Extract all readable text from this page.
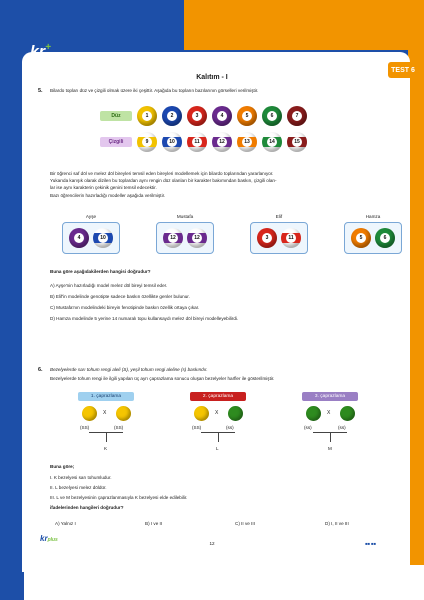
kr+
TEST 6
Kalıtım - I
5. Bilardo topları düz ve çizgili olmak üzere iki çeşittir. Aşağıda bu topların bazılarının görselleri verilmiştir.
Düz
Çizgili
1	2	3	4	5	6	7
9	10	11	12	13	14	15
Bir öğrenci saf döl ve melez döl bireyleri temsil eden bireyleri modellemek için bilardo toplarından yararlanıyor.
Yukarıda karışık olarak dizilen bu toplardan aynı rengin düz olanları bir karakter bakımından baskın, çizgili olan-
lar ise aynı karakterin çekinik genini temsil edecektir.
Bazı öğrencilerin hazırladığı modeller aşağıda verilmiştir.
Ayşe
4	10
Mustafa
12	12
Elif
3	11
Hamza
5	6
Buna göre aşağıdakilerden hangisi doğrudur?
A) Ayşe'nin hazırladığı model melez döl bireyi temsil eder.
B) Elif'in modelinde genotipte sadece baskın özellikte genler bulunur.
C) Mustafa'nın modelindeki bireyin fenotipinde baskın özellik ortaya çıkar.
D) Hamza modelinde 5 yerine 14 numaralı topu kullansaydı melez döl bireyi modelleyebilirdi.
6. Bezelyelerde sarı tohum rengi aleli (S), yeşil tohum rengi aleline (s) baskındır.
Bezelyelerde tohum rengi ile ilgili yapılan üç ayrı çaprazlama sonucu oluşan bezelyeler harfler ile gösterilmiştir.
1. çaprazlama
(SS)	(SS)
X
K
2. çaprazlama
(SS)	(ss)
X
L
3. çaprazlama
(ss)	(ss)
X
M
Buna göre;
I. K bezelyesi sarı tohumludur.
II. L bezelyesi melez döldür.
III. L ve M bezelyesinin çaprazlanmasıyla K bezelyesi elde edilebilir.
ifadelerinden hangileri doğrudur?
A) Yalnız I	B) I ve II	C) II ve III	D) I, II ve III
krplus
12	■■ ■■
